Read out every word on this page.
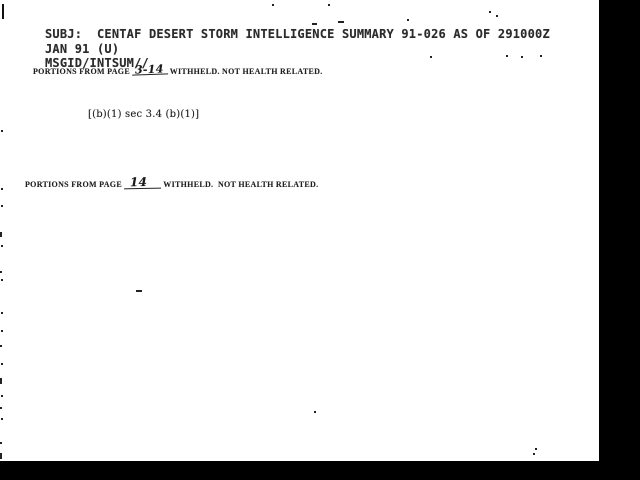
SUBJ:  CENTAF DESERT STORM INTELLIGENCE SUMMARY 91-026 AS OF 291000Z
JAN 91 (U)
MSGID/INTSUM//
PORTIONS FROM PAGE 3-14 WITHHELD. NOT HEALTH RELATED.
[(b)(1) sec 3.4 (b)(1)]
PORTIONS FROM PAGE 14 WITHHELD.  NOT HEALTH RELATED.
